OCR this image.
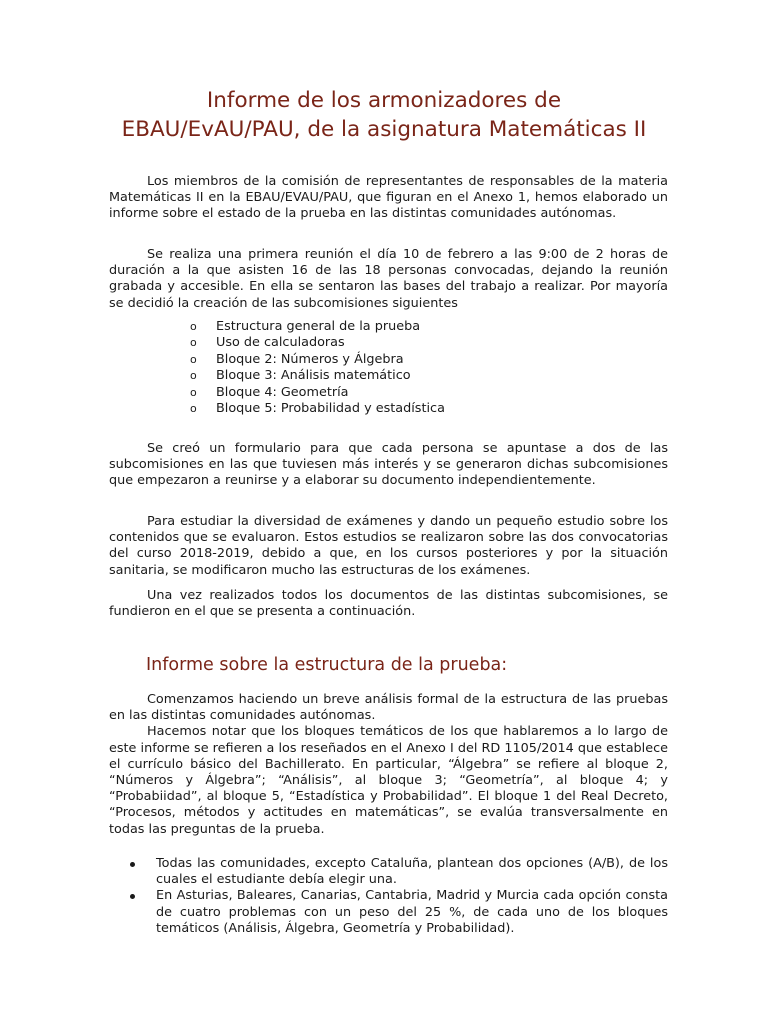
Informe de los armonizadores de
EBAU/EvAU/PAU, de la asignatura Matemáticas II

Los miembros de la comisión de representantes de responsables de la materia Matemáticas II en la EBAU/EVAU/PAU, que figuran en el Anexo 1, hemos elaborado un informe sobre el estado de la prueba en las distintas comunidades autónomas.

Se realiza una primera reunión el día 10 de febrero a las 9:00 de 2 horas de duración a la que asisten 16 de las 18 personas convocadas, dejando la reunión grabada y accesible. En ella se sentaron las bases del trabajo a realizar. Por mayoría se decidió la creación de las subcomisiones siguientes

o Estructura general de la prueba
o Uso de calculadoras
o Bloque 2: Números y Álgebra
o Bloque 3: Análisis matemático
o Bloque 4: Geometría
o Bloque 5: Probabilidad y estadística

Se creó un formulario para que cada persona se apuntase a dos de las subcomisiones en las que tuviesen más interés y se generaron dichas subcomisiones que empezaron a reunirse y a elaborar su documento independientemente.

Para estudiar la diversidad de exámenes y dando un pequeño estudio sobre los contenidos que se evaluaron. Estos estudios se realizaron sobre las dos convocatorias del curso 2018-2019, debido a que, en los cursos posteriores y por la situación sanitaria, se modificaron mucho las estructuras de los exámenes.

Una vez realizados todos los documentos de las distintas subcomisiones, se fundieron en el que se presenta a continuación.

Informe sobre la estructura de la prueba:

Comenzamos haciendo un breve análisis formal de la estructura de las pruebas en las distintas comunidades autónomas.

Hacemos notar que los bloques temáticos de los que hablaremos a lo largo de este informe se refieren a los reseñados en el Anexo I del RD 1105/2014 que establece el currículo básico del Bachillerato. En particular, “Álgebra” se refiere al bloque 2, “Números y Álgebra”; “Análisis”, al bloque 3; “Geometría”, al bloque 4; y “Probabiidad”, al bloque 5, “Estadística y Probabilidad”. El bloque 1 del Real Decreto, “Procesos, métodos y actitudes en matemáticas”, se evalúa transversalmente en todas las preguntas de la prueba.

Todas las comunidades, excepto Cataluña, plantean dos opciones (A/B), de los cuales el estudiante debía elegir una.
En Asturias, Baleares, Canarias, Cantabria, Madrid y Murcia cada opción consta de cuatro problemas con un peso del 25 %, de cada uno de los bloques temáticos (Análisis, Álgebra, Geometría y Probabilidad).
